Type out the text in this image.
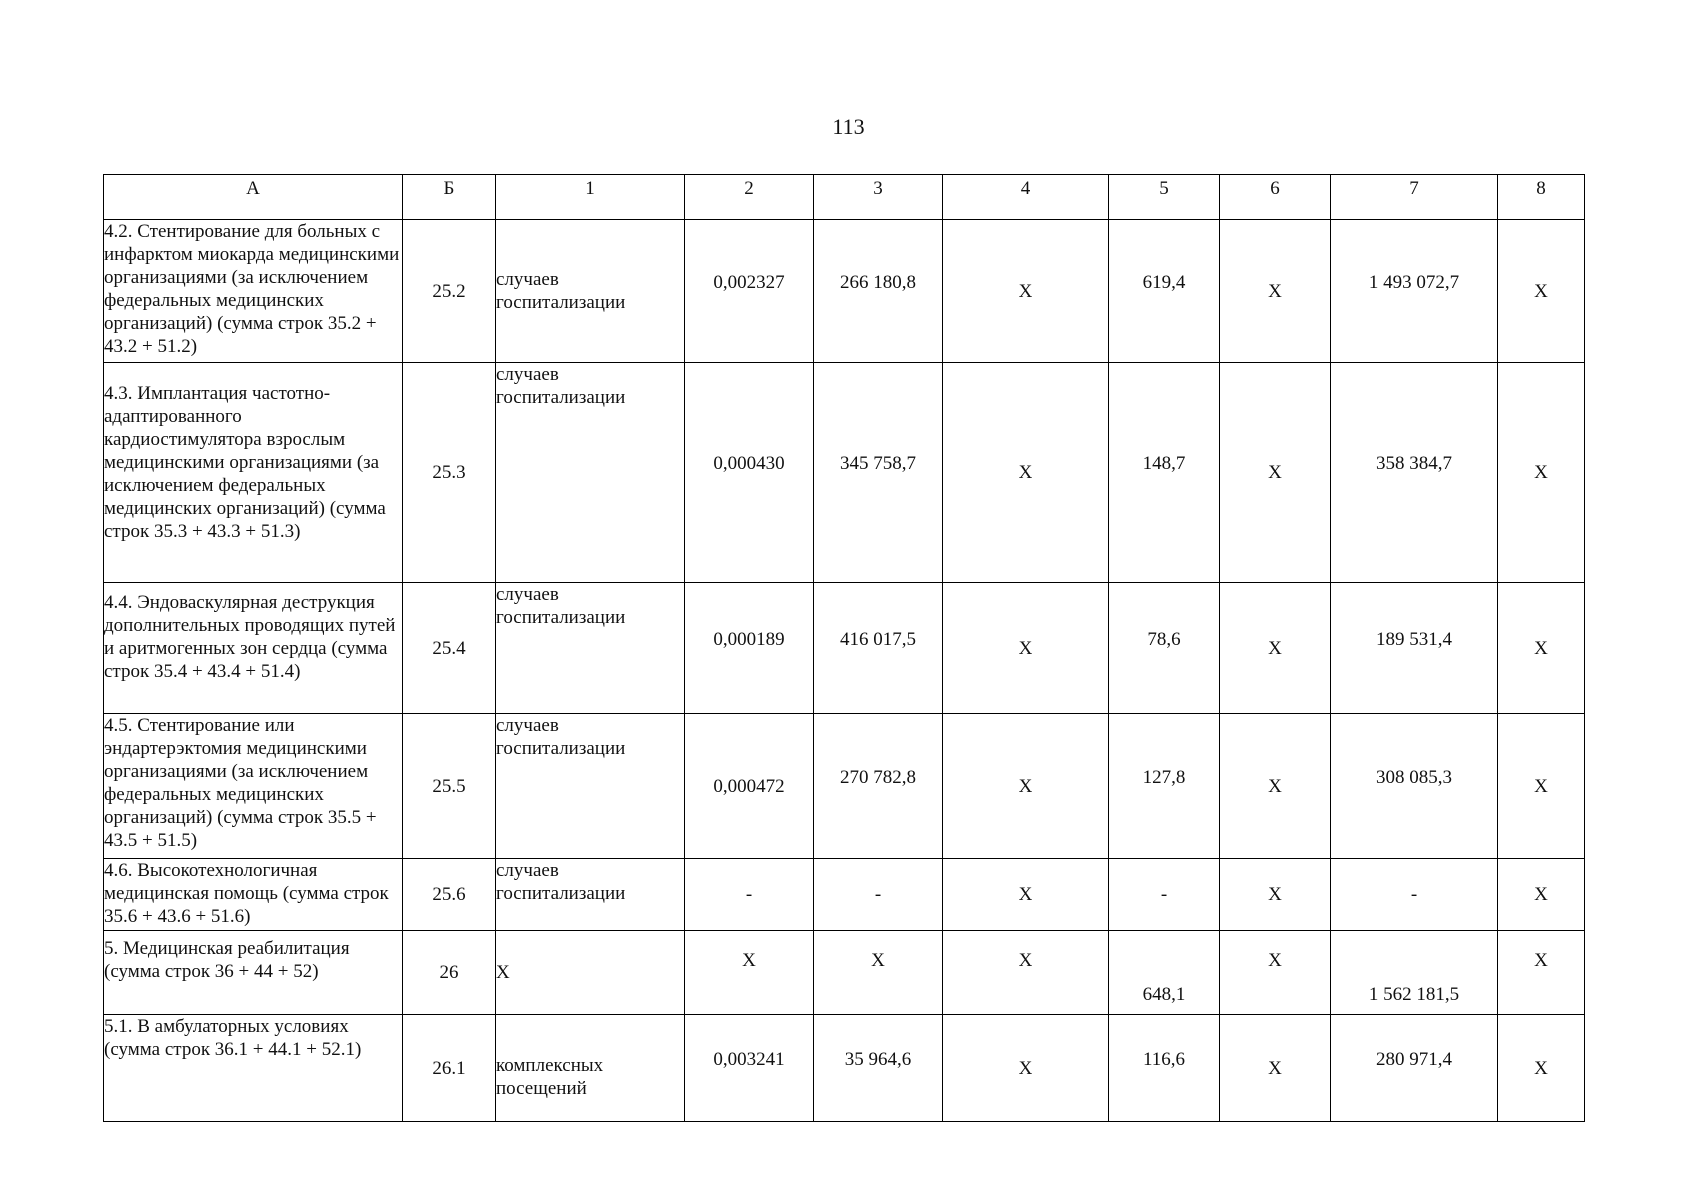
113
А	Б	1	2	3	4	5	6	7	8
4.2. Стентирование для больных с инфарктом миокарда медицинскими организациями (за исключением федеральных медицинских организаций) (сумма строк 35.2 + 43.2 + 51.2)	25.2	случаев госпитализации	0,002327	266 180,8	X	619,4	X	1 493 072,7	X
4.3. Имплантация частотно-адаптированного кардиостимулятора взрослым медицинскими организациями (за исключением федеральных медицинских организаций) (сумма строк 35.3 + 43.3 + 51.3)	25.3	случаев госпитализации	0,000430	345 758,7	X	148,7	X	358 384,7	X
4.4. Эндоваскулярная деструкция дополнительных проводящих путей и аритмогенных зон сердца (сумма строк 35.4 + 43.4 + 51.4)	25.4	случаев госпитализации	0,000189	416 017,5	X	78,6	X	189 531,4	X
4.5. Стентирование или эндартерэктомия медицинскими организациями (за исключением федеральных медицинских организаций) (сумма строк 35.5 + 43.5 + 51.5)	25.5	случаев госпитализации	0,000472	270 782,8	X	127,8	X	308 085,3	X
4.6. Высокотехнологичная медицинская помощь (сумма строк 35.6 + 43.6 + 51.6)	25.6	случаев госпитализации	-	-	X	-	X	-	X
5. Медицинская реабилитация (сумма строк 36 + 44 + 52)	26	X	X	X	X	648,1	X	1 562 181,5	X
5.1. В амбулаторных условиях (сумма строк 36.1 + 44.1 + 52.1)	26.1	комплексных посещений	0,003241	35 964,6	X	116,6	X	280 971,4	X
